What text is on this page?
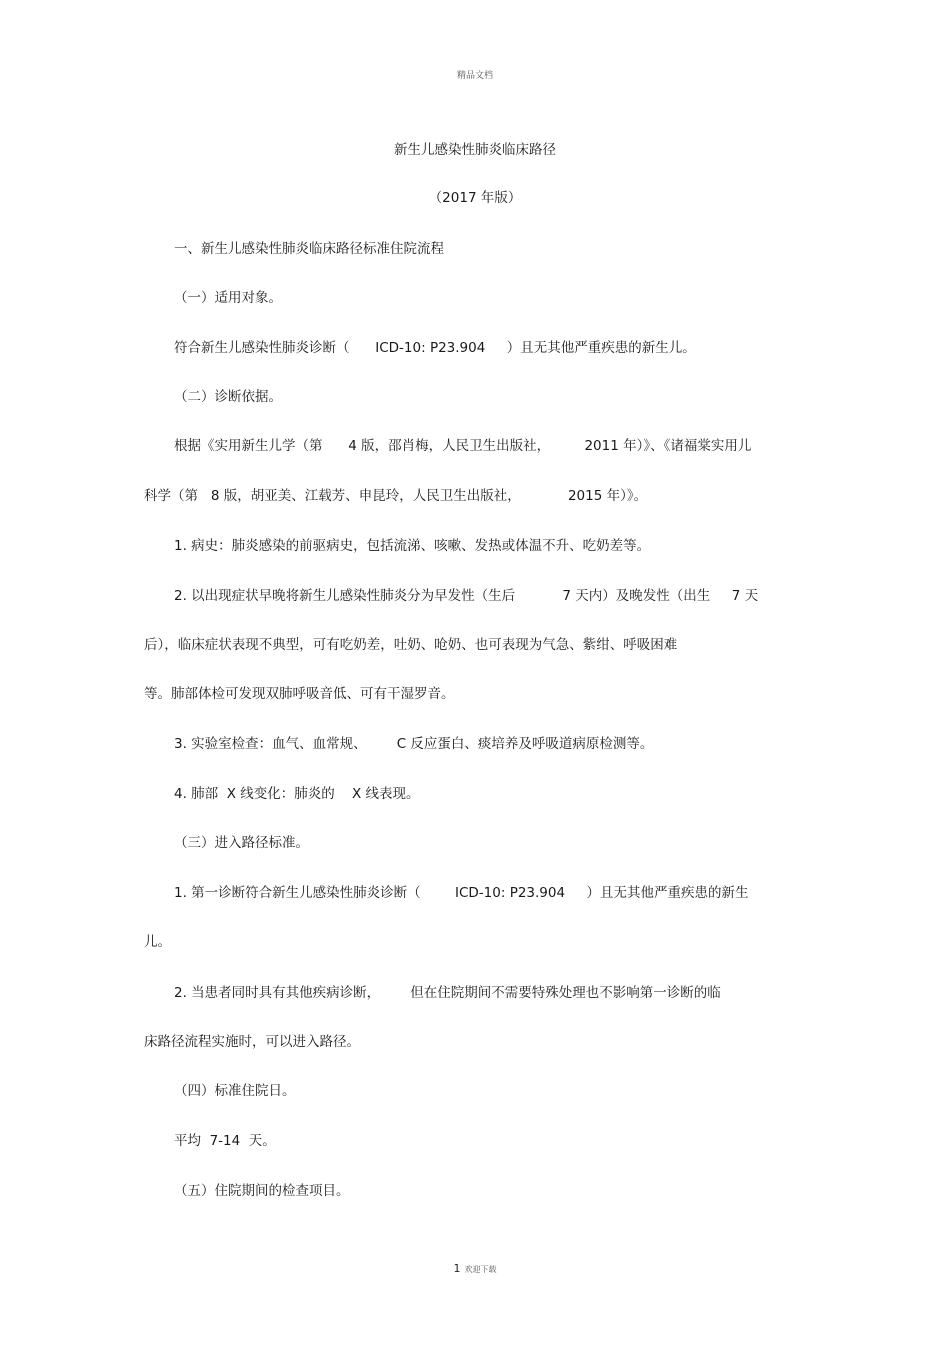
精品文档
新生儿感染性肺炎临床路径
（2017 年版）
一、新生儿感染性肺炎临床路径标准住院流程
（一）适用对象。
符合新生儿感染性肺炎诊断（      ICD-10: P23.904     ）且无其他严重疾患的新生儿。
（二）诊断依据。
根据《实用新生儿学（第      4 版，邵肖梅，人民卫生出版社，        2011 年）》、《诸福棠实用儿
科学（第   8 版，胡亚美、江载芳、申昆玲，人民卫生出版社，           2015 年）》。
1. 病史：肺炎感染的前驱病史，包括流涕、咳嗽、发热或体温不升、吃奶差等。
2. 以出现症状早晚将新生儿感染性肺炎分为早发性（生后           7 天内）及晚发性（出生     7 天
后），临床症状表现不典型，可有吃奶差，吐奶、呛奶、也可表现为气急、紫绀、呼吸困难
等。肺部体检可发现双肺呼吸音低、可有干湿罗音。
3. 实验室检查：血气、血常规、       C 反应蛋白、痰培养及呼吸道病原检测等。
4. 肺部  X 线变化：肺炎的    X 线表现。
（三）进入路径标准。
1. 第一诊断符合新生儿感染性肺炎诊断（        ICD-10: P23.904     ）且无其他严重疾患的新生
儿。
2. 当患者同时具有其他疾病诊断，       但在住院期间不需要特殊处理也不影响第一诊断的临
床路径流程实施时，可以进入路径。
（四）标准住院日。
平均  7-14  天。
（五）住院期间的检查项目。
1 欢迎下载
